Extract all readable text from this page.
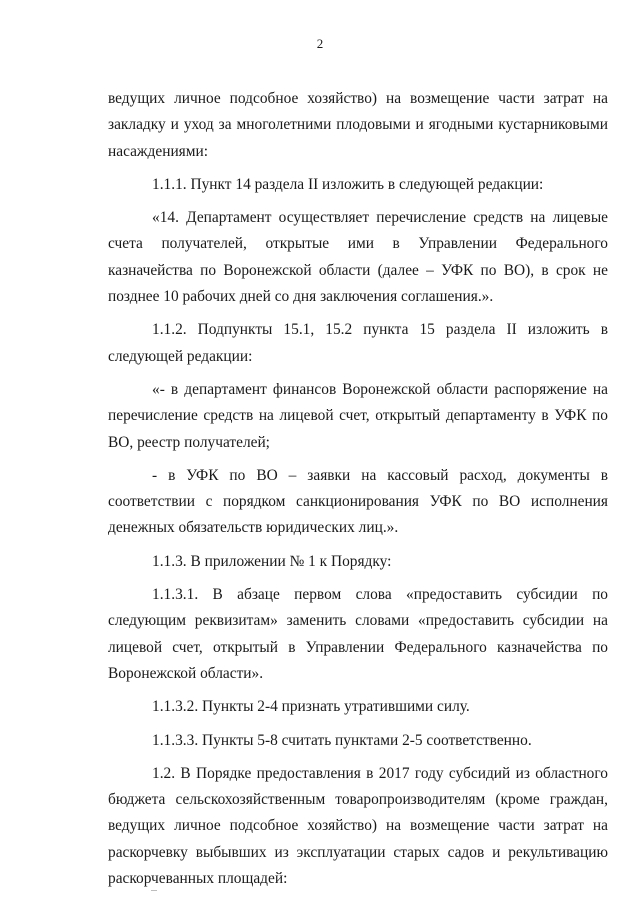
2

ведущих личное подсобное хозяйство) на возмещение части затрат на закладку и уход за многолетними плодовыми и ягодными кустарниковыми насаждениями:

1.1.1. Пункт 14 раздела II изложить в следующей редакции:

«14. Департамент осуществляет перечисление средств на лицевые счета получателей, открытые ими в Управлении Федерального казначейства по Воронежской области (далее – УФК по ВО), в срок не позднее 10 рабочих дней со дня заключения соглашения.».

1.1.2. Подпункты 15.1, 15.2 пункта 15 раздела II изложить в следующей редакции:

«- в департамент финансов Воронежской области распоряжение на перечисление средств на лицевой счет, открытый департаменту в УФК по ВО, реестр получателей;

- в УФК по ВО – заявки на кассовый расход, документы в соответствии с порядком санкционирования УФК по ВО исполнения денежных обязательств юридических лиц.».

1.1.3. В приложении № 1 к Порядку:

1.1.3.1. В абзаце первом слова «предоставить субсидии по следующим реквизитам» заменить словами «предоставить субсидии на лицевой счет, открытый в Управлении Федерального казначейства по Воронежской области».

1.1.3.2. Пункты 2-4 признать утратившими силу.

1.1.3.3. Пункты 5-8 считать пунктами 2-5 соответственно.

1.2. В Порядке предоставления в 2017 году субсидий из областного бюджета сельскохозяйственным товаропроизводителям (кроме граждан, ведущих личное подсобное хозяйство) на возмещение части затрат на раскорчевку выбывших из эксплуатации старых садов и рекультивацию раскорчеванных площадей:
